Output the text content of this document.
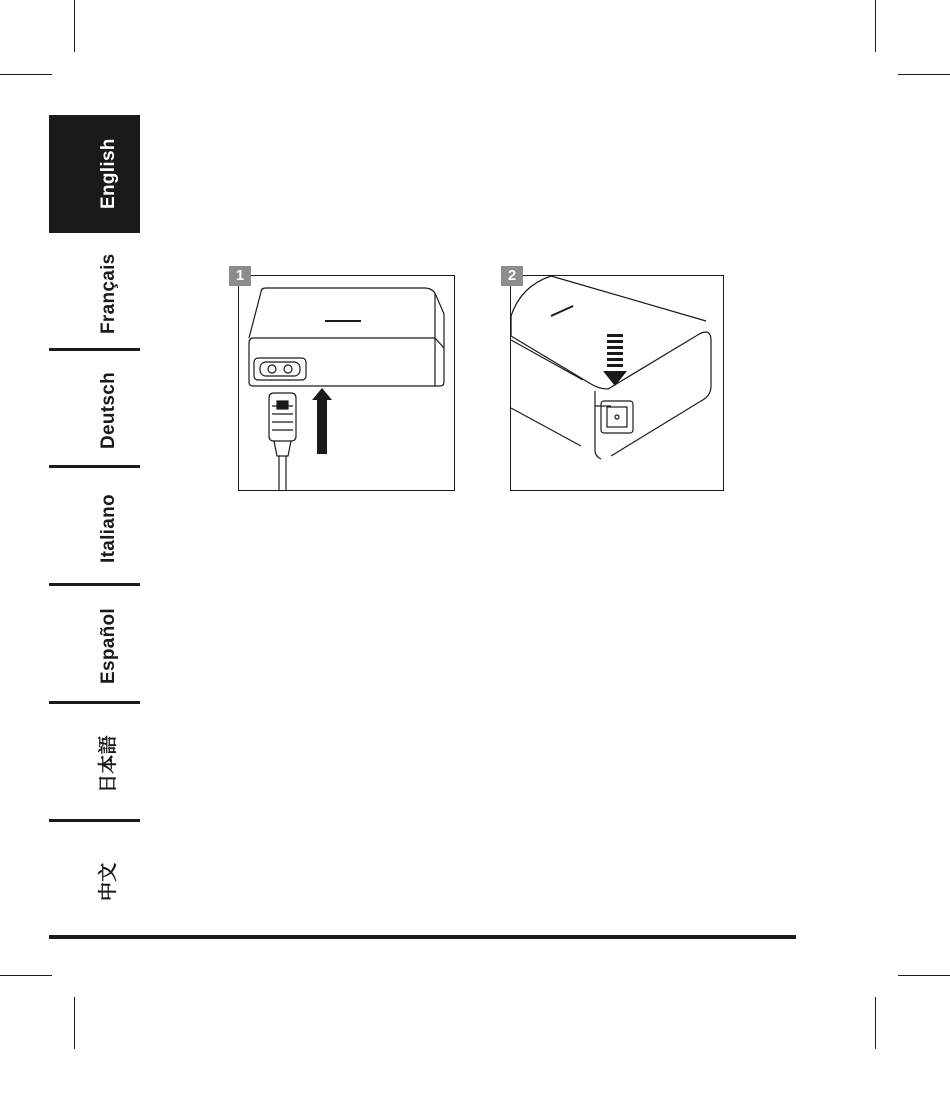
English
Français
Deutsch
Italiano
Español
日本語
中文
1	2
